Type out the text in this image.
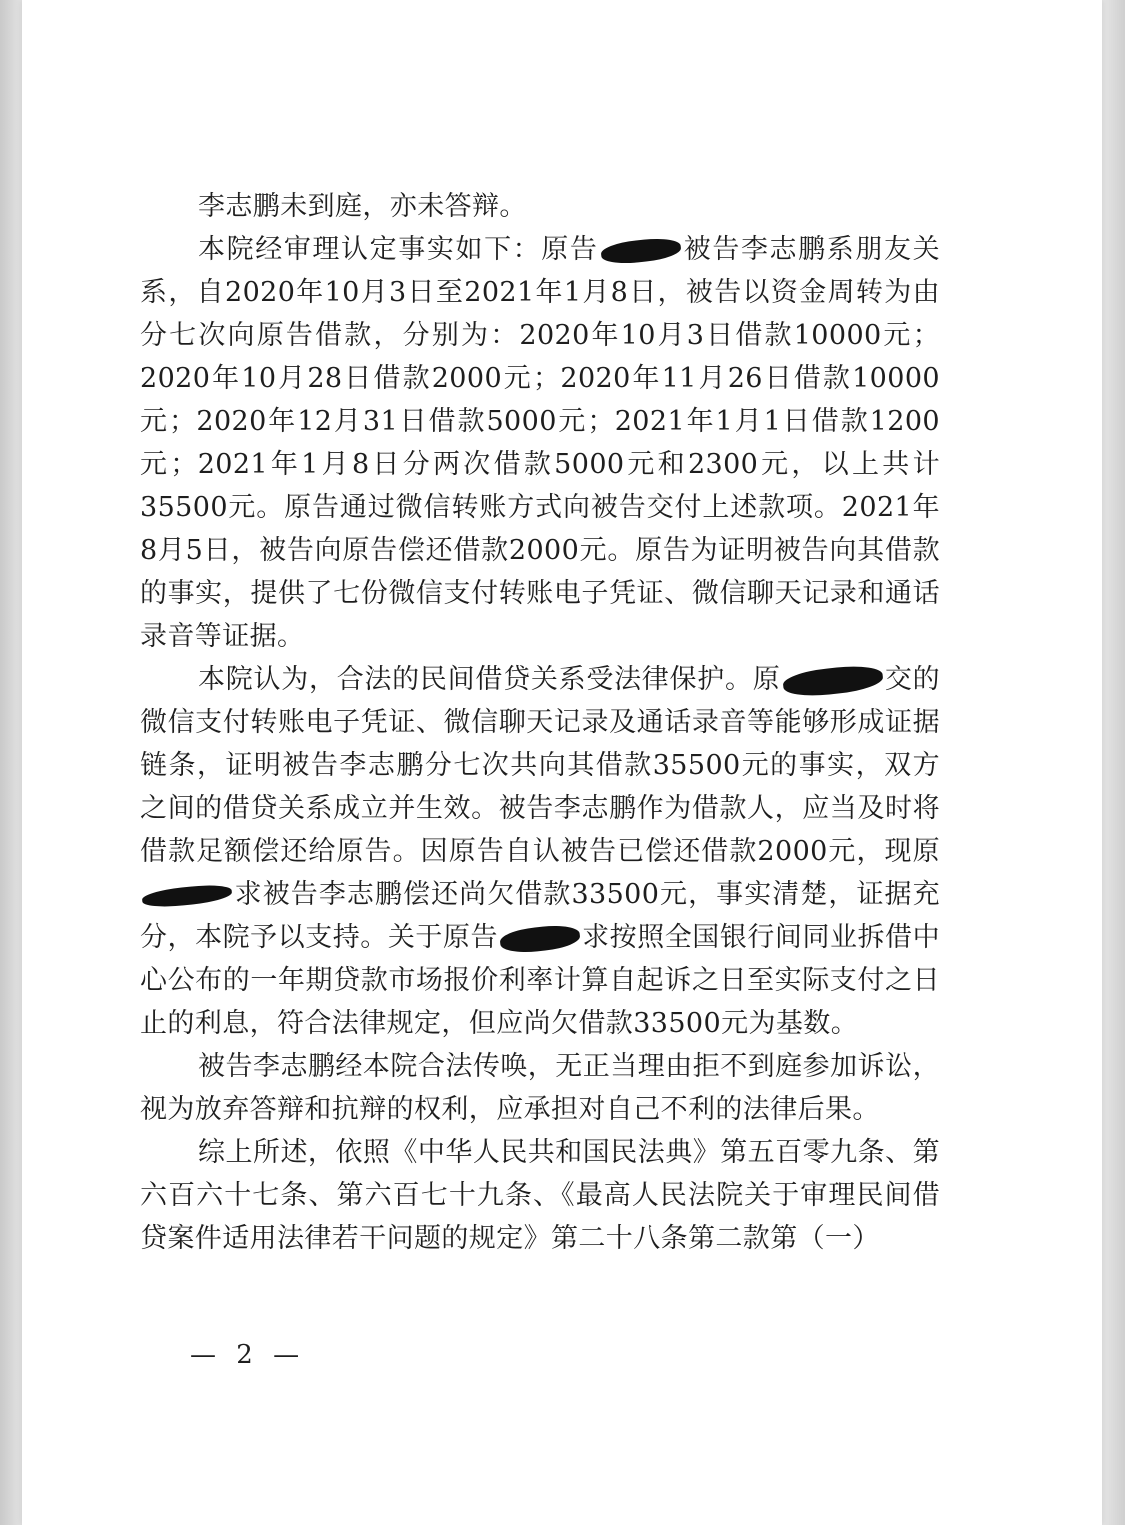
李志鹏未到庭，亦未答辩。

本院经审理认定事实如下：原告	被告李志鹏系朋友关系，自2020年10月3日至2021年1月8日，被告以资金周转为由分七次向原告借款，分别为：2020年10月3日借款10000元；2020年10月28日借款2000元；2020年11月26日借款10000元；2020年12月31日借款5000元；2021年1月1日借款1200元；2021年1月8日分两次借款5000元和2300元，以上共计35500元。原告通过微信转账方式向被告交付上述款项。2021年8月5日，被告向原告偿还借款2000元。原告为证明被告向其借款的事实，提供了七份微信支付转账电子凭证、微信聊天记录和通话录音等证据。

本院认为，合法的民间借贷关系受法律保护。原	交的微信支付转账电子凭证、微信聊天记录及通话录音等能够形成证据链条，证明被告李志鹏分七次共向其借款35500元的事实，双方之间的借贷关系成立并生效。被告李志鹏作为借款人，应当及时将借款足额偿还给原告。因原告自认被告已偿还借款2000元，现原求被告李志鹏偿还尚欠借款33500元，事实清楚，证据充分，本院予以支持。关于原告	求按照全国银行间同业拆借中心公布的一年期贷款市场报价利率计算自起诉之日至实际支付之日止的利息，符合法律规定，但应尚欠借款33500元为基数。

被告李志鹏经本院合法传唤，无正当理由拒不到庭参加诉讼，视为放弃答辩和抗辩的权利，应承担对自己不利的法律后果。

综上所述，依照《中华人民共和国民法典》第五百零九条、第六百六十七条、第六百七十九条、《最高人民法院关于审理民间借贷案件适用法律若干问题的规定》第二十八条第二款第（一）

— 2 —
